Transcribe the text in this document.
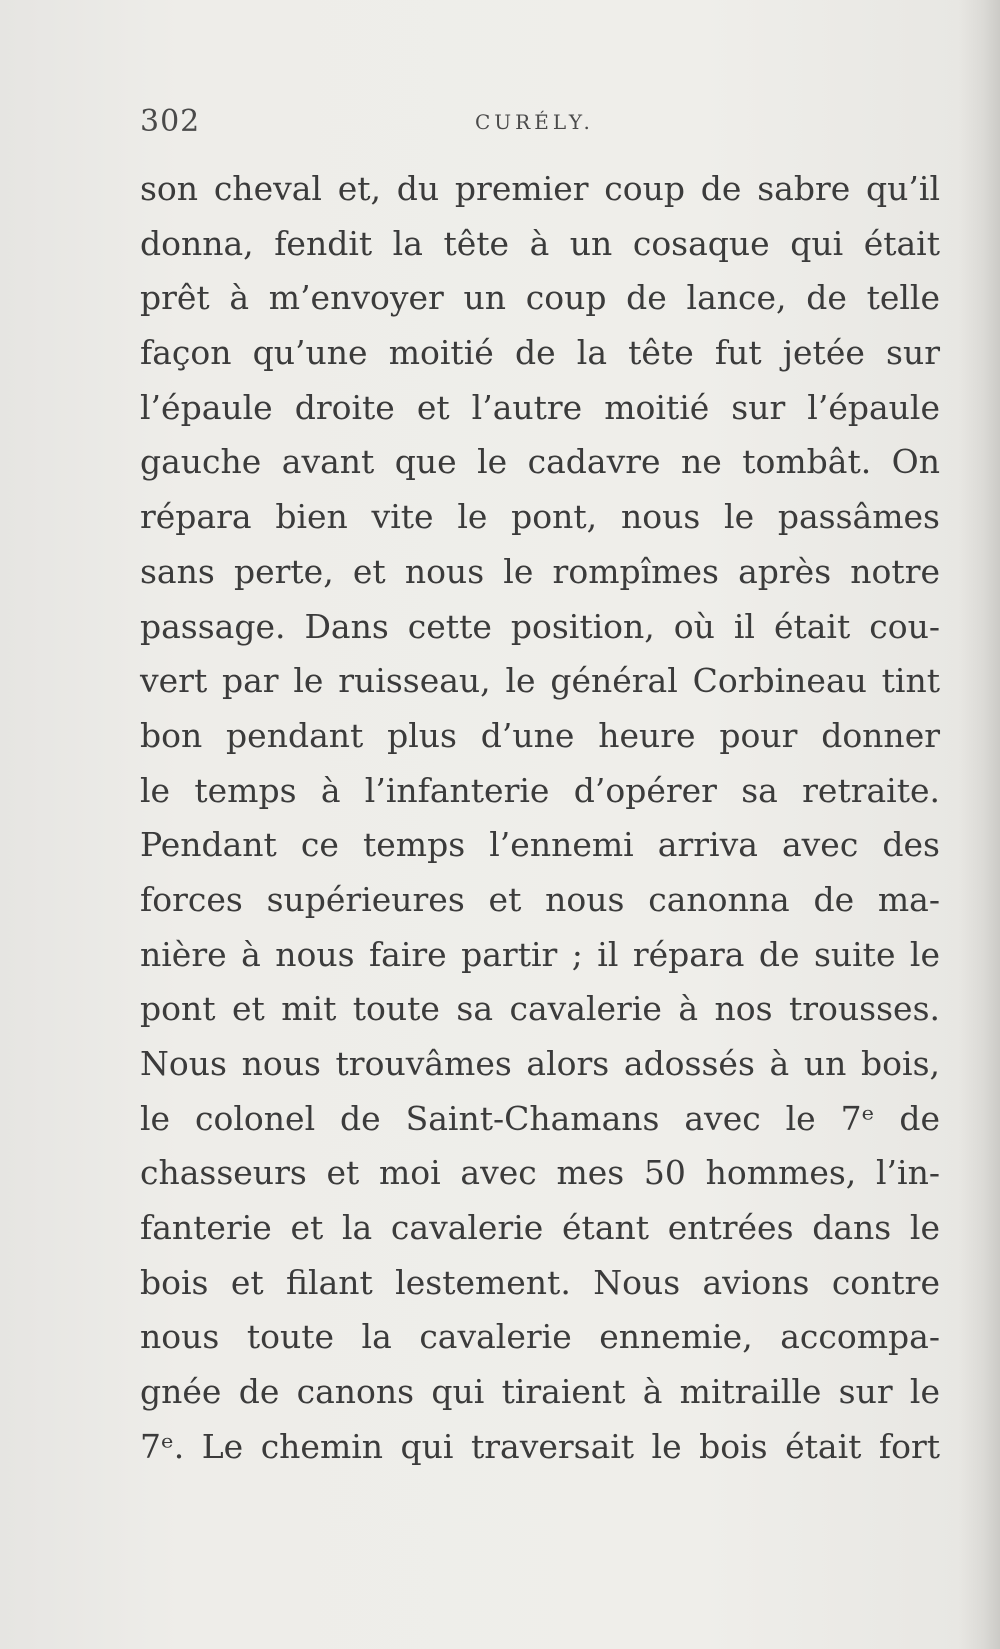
302	CURÉLY.
son cheval et, du premier coup de sabre qu’il
donna, fendit la tête à un cosaque qui était
prêt à m’envoyer un coup de lance, de telle
façon qu’une moitié de la tête fut jetée sur
l’épaule droite et l’autre moitié sur l’épaule
gauche avant que le cadavre ne tombât. On
répara bien vite le pont, nous le passâmes
sans perte, et nous le rompîmes après notre
passage. Dans cette position, où il était cou-
vert par le ruisseau, le général Corbineau tint
bon pendant plus d’une heure pour donner
le temps à l’infanterie d’opérer sa retraite.
Pendant ce temps l’ennemi arriva avec des
forces supérieures et nous canonna de ma-
nière à nous faire partir ; il répara de suite le
pont et mit toute sa cavalerie à nos trousses.
Nous nous trouvâmes alors adossés à un bois,
le colonel de Saint-Chamans avec le 7ᵉ de
chasseurs et moi avec mes 50 hommes, l’in-
fanterie et la cavalerie étant entrées dans le
bois et filant lestement. Nous avions contre
nous toute la cavalerie ennemie, accompa-
gnée de canons qui tiraient à mitraille sur le
7ᵉ. Le chemin qui traversait le bois était fort
